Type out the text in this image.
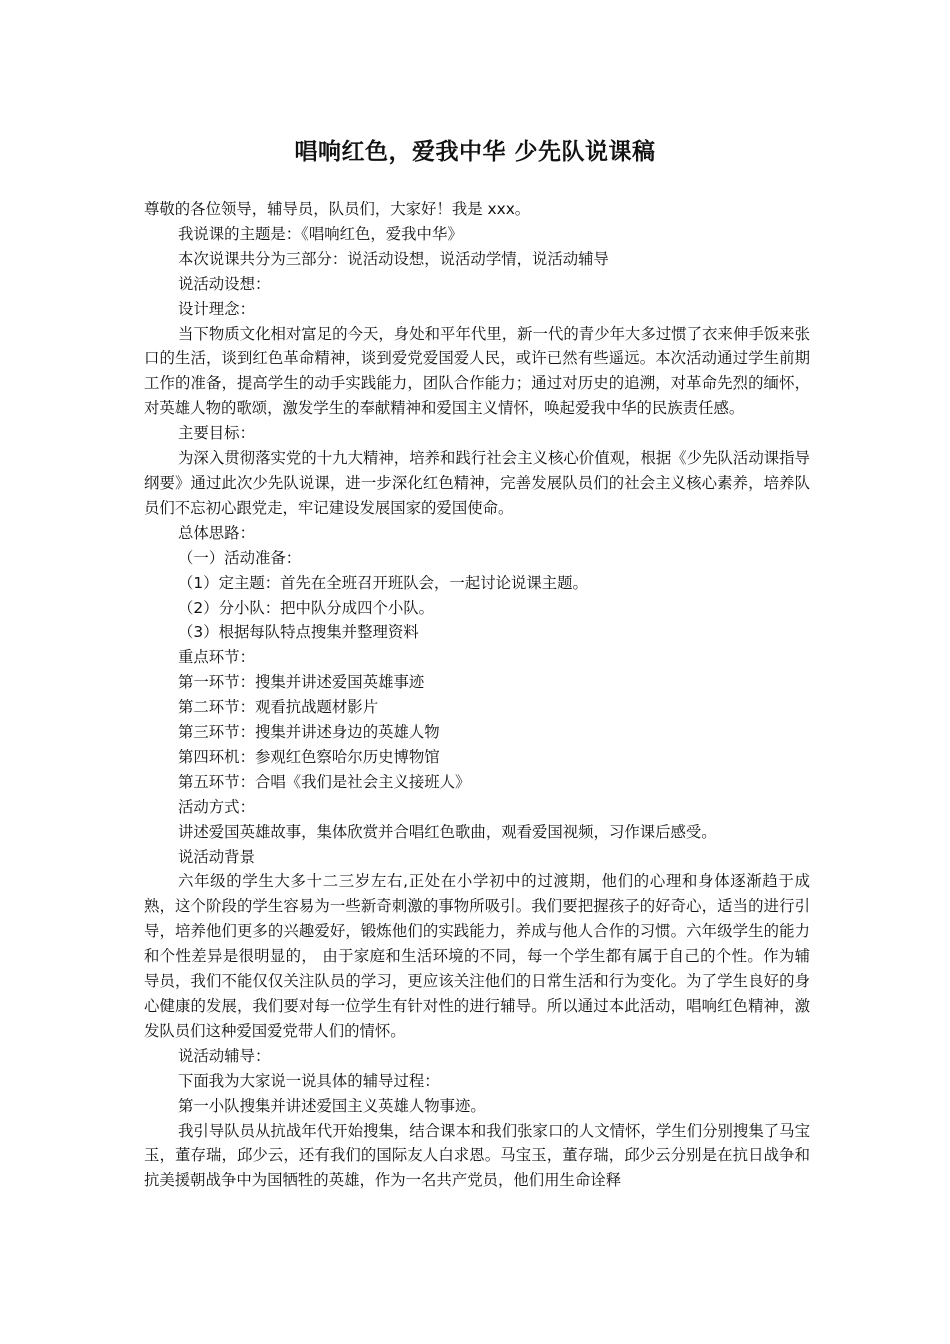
唱响红色，爱我中华 少先队说课稿

尊敬的各位领导，辅导员，队员们，大家好！我是 xxx。

我说课的主题是：《唱响红色，爱我中华》

本次说课共分为三部分：说活动设想，说活动学情，说活动辅导

说活动设想：

设计理念：

当下物质文化相对富足的今天，身处和平年代里，新一代的青少年大多过惯了衣来伸手饭来张口的生活，谈到红色革命精神，谈到爱党爱国爱人民，或许已然有些遥远。本次活动通过学生前期工作的准备，提高学生的动手实践能力，团队合作能力；通过对历史的追溯，对革命先烈的缅怀，对英雄人物的歌颂，激发学生的奉献精神和爱国主义情怀，唤起爱我中华的民族责任感。

主要目标：

为深入贯彻落实党的十九大精神，培养和践行社会主义核心价值观，根据《少先队活动课指导纲要》通过此次少先队说课，进一步深化红色精神，完善发展队员们的社会主义核心素养，培养队员们不忘初心跟党走，牢记建设发展国家的爱国使命。

总体思路：

（一）活动准备：

（1）定主题：首先在全班召开班队会，一起讨论说课主题。

（2）分小队：把中队分成四个小队。

（3）根据每队特点搜集并整理资料

重点环节：

第一环节：搜集并讲述爱国英雄事迹

第二环节：观看抗战题材影片

第三环节：搜集并讲述身边的英雄人物

第四环机：参观红色察哈尔历史博物馆

第五环节：合唱《我们是社会主义接班人》

活动方式：

讲述爱国英雄故事，集体欣赏并合唱红色歌曲，观看爱国视频，习作课后感受。

说活动背景

六年级的学生大多十二三岁左右,正处在小学初中的过渡期，他们的心理和身体逐渐趋于成熟，这个阶段的学生容易为一些新奇刺激的事物所吸引。我们要把握孩子的好奇心，适当的进行引导，培养他们更多的兴趣爱好，锻炼他们的实践能力，养成与他人合作的习惯。六年级学生的能力和个性差异是很明显的， 由于家庭和生活环境的不同，每一个学生都有属于自己的个性。作为辅导员，我们不能仅仅关注队员的学习，更应该关注他们的日常生活和行为变化。为了学生良好的身心健康的发展，我们要对每一位学生有针对性的进行辅导。所以通过本此活动，唱响红色精神，激发队员们这种爱国爱党带人们的情怀。

说活动辅导：

下面我为大家说一说具体的辅导过程：

第一小队搜集并讲述爱国主义英雄人物事迹。

我引导队员从抗战年代开始搜集，结合课本和我们张家口的人文情怀，学生们分别搜集了马宝玉，董存瑞，邱少云，还有我们的国际友人白求恩。马宝玉，董存瑞，邱少云分别是在抗日战争和抗美援朝战争中为国牺牲的英雄，作为一名共产党员，他们用生命诠释
